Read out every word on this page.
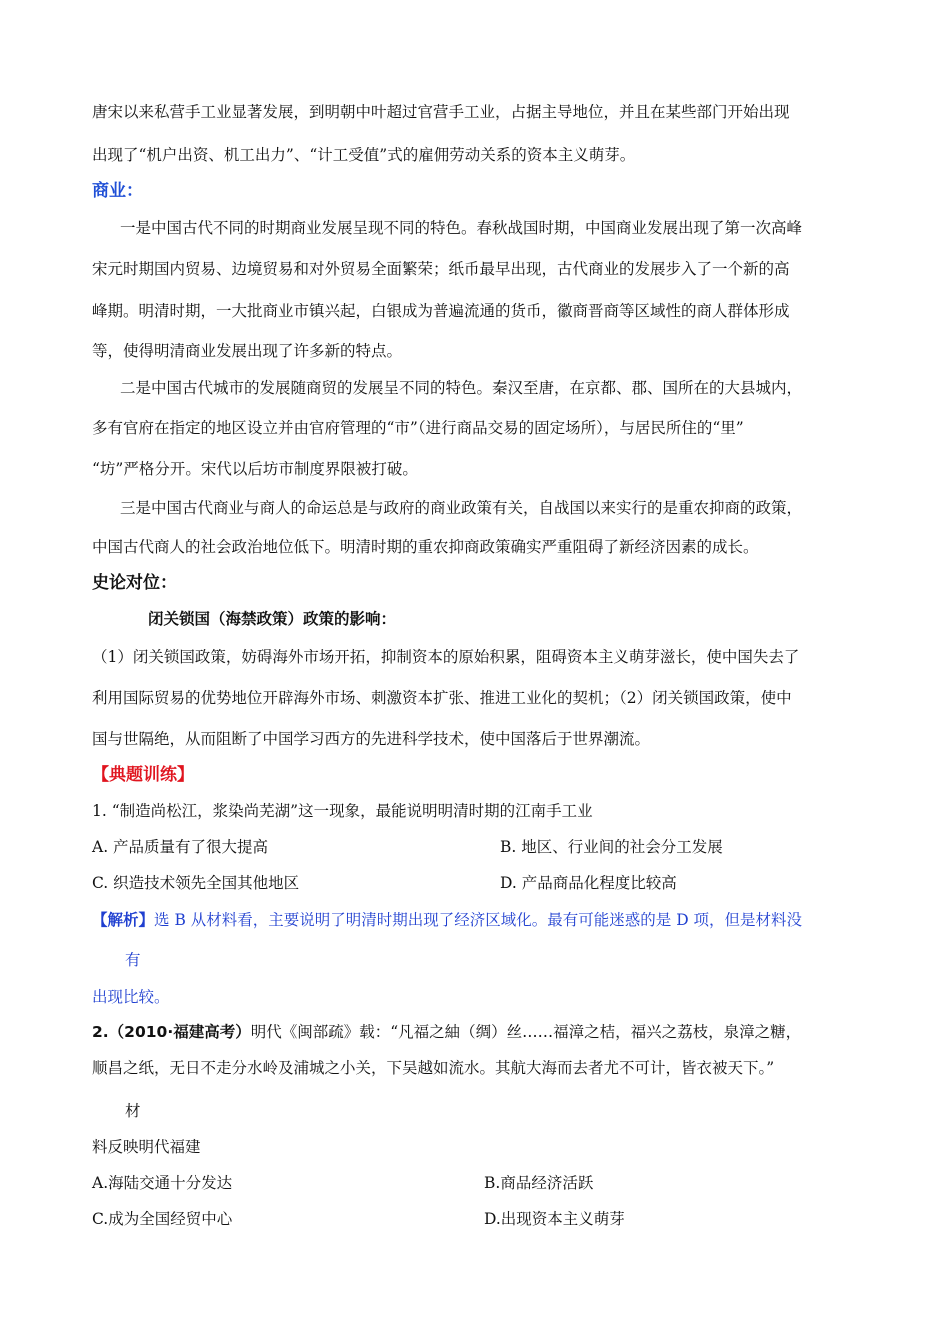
唐宋以来私营手工业显著发展，到明朝中叶超过官营手工业，占据主导地位，并且在某些部门开始出现
出现了“机户出资、机工出力”、“计工受值”式的雇佣劳动关系的资本主义萌芽。
商业：
一是中国古代不同的时期商业发展呈现不同的特色。春秋战国时期，中国商业发展出现了第一次高峰
宋元时期国内贸易、边境贸易和对外贸易全面繁荣；纸币最早出现，古代商业的发展步入了一个新的高
峰期。明清时期，一大批商业市镇兴起，白银成为普遍流通的货币，徽商晋商等区域性的商人群体形成
等，使得明清商业发展出现了许多新的特点。
二是中国古代城市的发展随商贸的发展呈不同的特色。秦汉至唐，在京都、郡、国所在的大县城内，
多有官府在指定的地区设立并由官府管理的“市”（进行商品交易的固定场所），与居民所住的“里”
“坊”严格分开。宋代以后坊市制度界限被打破。
三是中国古代商业与商人的命运总是与政府的商业政策有关，自战国以来实行的是重农抑商的政策，
中国古代商人的社会政治地位低下。明清时期的重农抑商政策确实严重阻碍了新经济因素的成长。
史论对位：
闭关锁国（海禁政策）政策的影响：
（1）闭关锁国政策，妨碍海外市场开拓，抑制资本的原始积累，阻碍资本主义萌芽滋长，使中国失去了
利用国际贸易的优势地位开辟海外市场、刺激资本扩张、推进工业化的契机；（2）闭关锁国政策，使中
国与世隔绝，从而阻断了中国学习西方的先进科学技术，使中国落后于世界潮流。
【典题训练】
1. “制造尚松江，浆染尚芜湖”这一现象，最能说明明清时期的江南手工业
A. 产品质量有了很大提高	B. 地区、行业间的社会分工发展
C. 织造技术领先全国其他地区	D. 产品商品化程度比较高
【解析】选 B 从材料看，主要说明了明清时期出现了经济区域化。最有可能迷惑的是 D 项，但是材料没
有
出现比较。
2.（2010·福建高考）明代《闽部疏》载：“凡福之紬（绸）丝……福漳之桔，福兴之荔枝，泉漳之糖，
顺昌之纸，无日不走分水岭及浦城之小关，下吴越如流水。其航大海而去者尤不可计，皆衣被天下。”
材
料反映明代福建
A.海陆交通十分发达	B.商品经济活跃
C.成为全国经贸中心	D.出现资本主义萌芽
